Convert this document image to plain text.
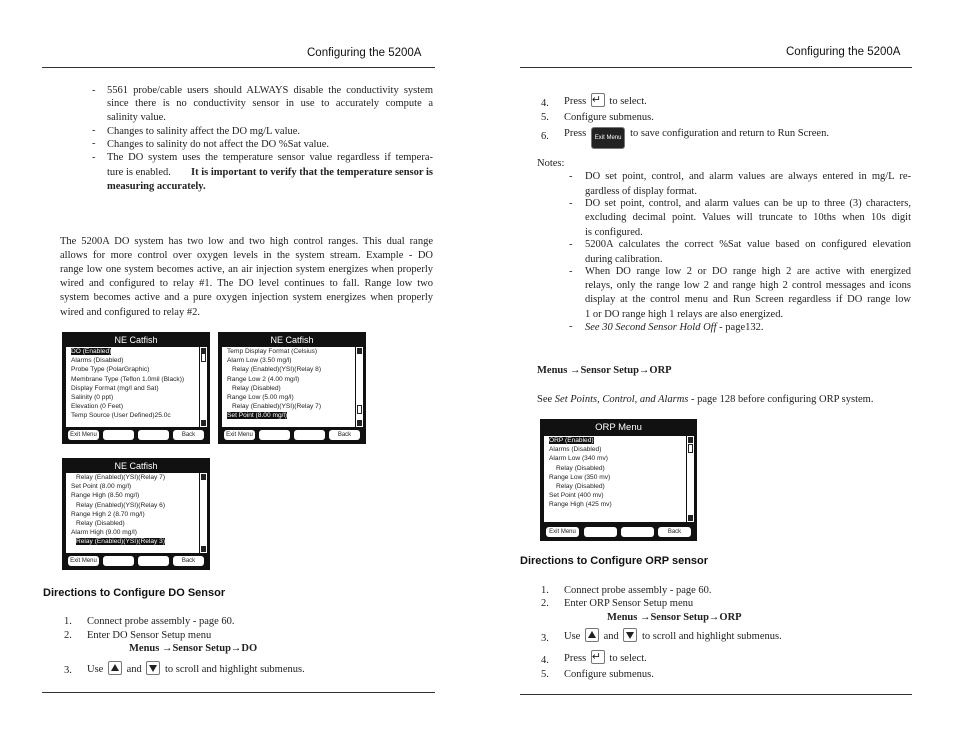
Configuring the 5200A
- 5561 probe/cable users should ALWAYS disable the conductivity system
since there is no conductivity sensor in use to accurately compute a
salinity value.
- Changes to salinity affect the DO mg/L value.
- Changes to salinity do not affect the DO %Sat value.
- The DO system uses the temperature sensor value regardless if tempera-
ture is enabled. It is important to verify that the temperature sensor is
measuring accurately.
The 5200A DO system has two low and two high control ranges. This dual range
allows for more control over oxygen levels in the system stream. Example - DO
range low one system becomes active, an air injection system energizes when properly
wired and configured to relay #1. The DO level continues to fall. Range low two
system becomes active and a pure oxygen injection system energizes when properly
wired and configured to relay #2.
NE Catfish
DO (Enabled)
Alarms (Disabled)
Probe Type (PolarGraphic)
Membrane Type (Teflon 1.0mil (Black))
Display Format (mg/l and Sat)
Salinity (0 ppt)
Elevation (0 Feet)
Temp Source (User Defined)25.0c
Exit Menu	Back
NE Catfish
Temp Display Format (Celsius)
Alarm Low (3.50 mg/l)
Relay (Enabled)(YSI)(Relay 8)
Range Low 2 (4.00 mg/l)
Relay (Disabled)
Range Low (5.00 mg/l)
Relay (Enabled)(YSI)(Relay 7)
Set Point (8.00 mg/l)
Exit Menu	Back
NE Catfish
Relay (Enabled)(YSI)(Relay 7)
Set Point (8.00 mg/l)
Range High (8.50 mg/l)
Relay (Enabled)(YSI)(Relay 6)
Range High 2 (8.70 mg/l)
Relay (Disabled)
Alarm High (9.00 mg/l)
Relay (Enabled)(YSI)(Relay 3)
Exit Menu	Back
Directions to Configure DO Sensor
1. Connect probe assembly - page 60.
2. Enter DO Sensor Setup menu
Menus →Sensor Setup→DO
3. Use and to scroll and highlight submenus.
Configuring the 5200A
4. Press ↵ to select.
5. Configure submenus.
6. Press Exit Menu to save configuration and return to Run Screen.
Notes:
- DO set point, control, and alarm values are always entered in mg/L re-
gardless of display format.
- DO set point, control, and alarm values can be up to three (3) characters,
excluding decimal point. Values will truncate to 10ths when 10s digit
is configured.
- 5200A calculates the correct %Sat value based on configured elevation
during calibration.
- When DO range low 2 or DO range high 2 are active with energized
relays, only the range low 2 and range high 2 control messages and icons
display at the control menu and Run Screen regardless if DO range low
1 or DO range high 1 relays are also energized.
- See 30 Second Sensor Hold Off - page132.
Menus →Sensor Setup→ORP
See Set Points, Control, and Alarms - page 128 before configuring ORP system.
ORP Menu
ORP (Enabled)
Alarms (Disabled)
Alarm Low (340 mv)
Relay (Disabled)
Range Low (350 mv)
Relay (Disabled)
Set Point (400 mv)
Range High (425 mv)
Exit Menu	Back
Directions to Configure ORP sensor
1. Connect probe assembly - page 60.
2. Enter ORP Sensor Setup menu
Menus →Sensor Setup→ORP
3. Use and to scroll and highlight submenus.
4. Press ↵ to select.
5. Configure submenus.
